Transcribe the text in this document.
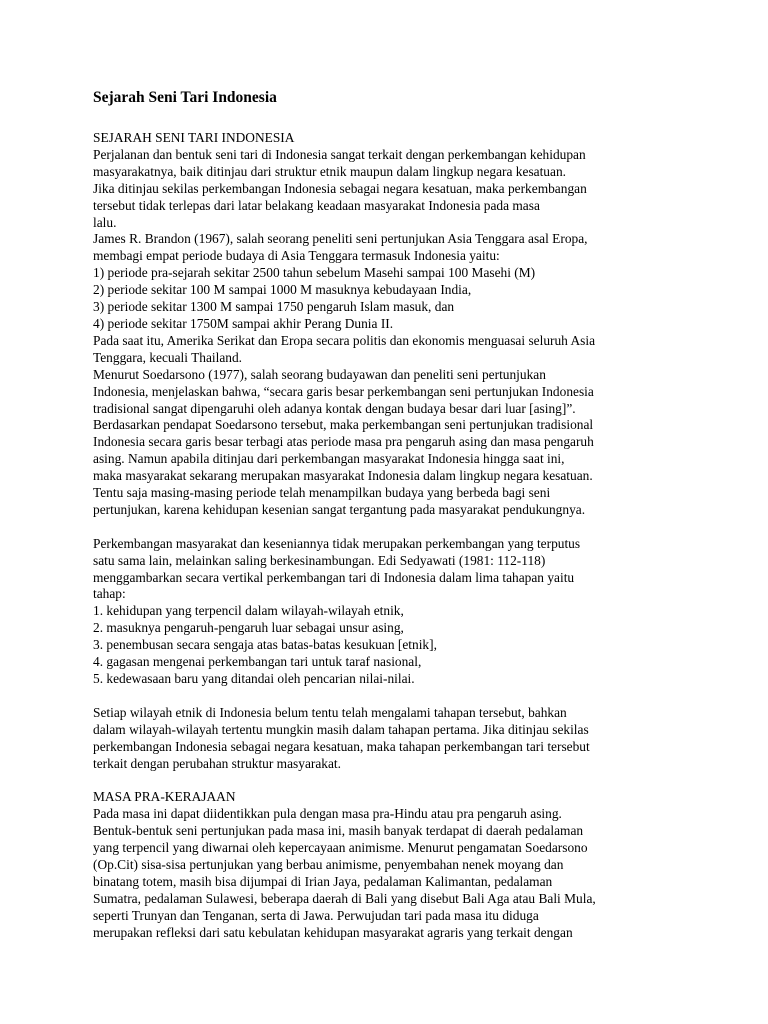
Sejarah Seni Tari Indonesia
SEJARAH SENI TARI INDONESIA
Perjalanan dan bentuk seni tari di Indonesia sangat terkait dengan perkembangan kehidupan
masyarakatnya, baik ditinjau dari struktur etnik maupun dalam lingkup negara kesatuan.
Jika ditinjau sekilas perkembangan Indonesia sebagai negara kesatuan, maka perkembangan
tersebut tidak terlepas dari latar belakang keadaan masyarakat Indonesia pada masa
lalu.
James R. Brandon (1967), salah seorang peneliti seni pertunjukan Asia Tenggara asal Eropa,
membagi empat periode budaya di Asia Tenggara termasuk Indonesia yaitu:
1) periode pra-sejarah sekitar 2500 tahun sebelum Masehi sampai 100 Masehi (M)
2) periode sekitar 100 M sampai 1000 M masuknya kebudayaan India,
3) periode sekitar 1300 M sampai 1750 pengaruh Islam masuk, dan
4) periode sekitar 1750M sampai akhir Perang Dunia II.
Pada saat itu, Amerika Serikat dan Eropa secara politis dan ekonomis menguasai seluruh Asia
Tenggara, kecuali Thailand.
Menurut Soedarsono (1977), salah seorang budayawan dan peneliti seni pertunjukan
Indonesia, menjelaskan bahwa, “secara garis besar perkembangan seni pertunjukan Indonesia
tradisional sangat dipengaruhi oleh adanya kontak dengan budaya besar dari luar [asing]”.
Berdasarkan pendapat Soedarsono tersebut, maka perkembangan seni pertunjukan tradisional
Indonesia secara garis besar terbagi atas periode masa pra pengaruh asing dan masa pengaruh
asing. Namun apabila ditinjau dari perkembangan masyarakat Indonesia hingga saat ini,
maka masyarakat sekarang merupakan masyarakat Indonesia dalam lingkup negara kesatuan.
Tentu saja masing-masing periode telah menampilkan budaya yang berbeda bagi seni
pertunjukan, karena kehidupan kesenian sangat tergantung pada masyarakat pendukungnya.
Perkembangan masyarakat dan keseniannya tidak merupakan perkembangan yang terputus
satu sama lain, melainkan saling berkesinambungan. Edi Sedyawati (1981: 112-118)
menggambarkan secara vertikal perkembangan tari di Indonesia dalam lima tahapan yaitu
tahap:
1. kehidupan yang terpencil dalam wilayah-wilayah etnik,
2. masuknya pengaruh-pengaruh luar sebagai unsur asing,
3. penembusan secara sengaja atas batas-batas kesukuan [etnik],
4. gagasan mengenai perkembangan tari untuk taraf nasional,
5. kedewasaan baru yang ditandai oleh pencarian nilai-nilai.
Setiap wilayah etnik di Indonesia belum tentu telah mengalami tahapan tersebut, bahkan
dalam wilayah-wilayah tertentu mungkin masih dalam tahapan pertama. Jika ditinjau sekilas
perkembangan Indonesia sebagai negara kesatuan, maka tahapan perkembangan tari tersebut
terkait dengan perubahan struktur masyarakat.
MASA PRA-KERAJAAN
Pada masa ini dapat diidentikkan pula dengan masa pra-Hindu atau pra pengaruh asing.
Bentuk-bentuk seni pertunjukan pada masa ini, masih banyak terdapat di daerah pedalaman
yang terpencil yang diwarnai oleh kepercayaan animisme. Menurut pengamatan Soedarsono
(Op.Cit) sisa-sisa pertunjukan yang berbau animisme, penyembahan nenek moyang dan
binatang totem, masih bisa dijumpai di Irian Jaya, pedalaman Kalimantan, pedalaman
Sumatra, pedalaman Sulawesi, beberapa daerah di Bali yang disebut Bali Aga atau Bali Mula,
seperti Trunyan dan Tenganan, serta di Jawa. Perwujudan tari pada masa itu diduga
merupakan refleksi dari satu kebulatan kehidupan masyarakat agraris yang terkait dengan
